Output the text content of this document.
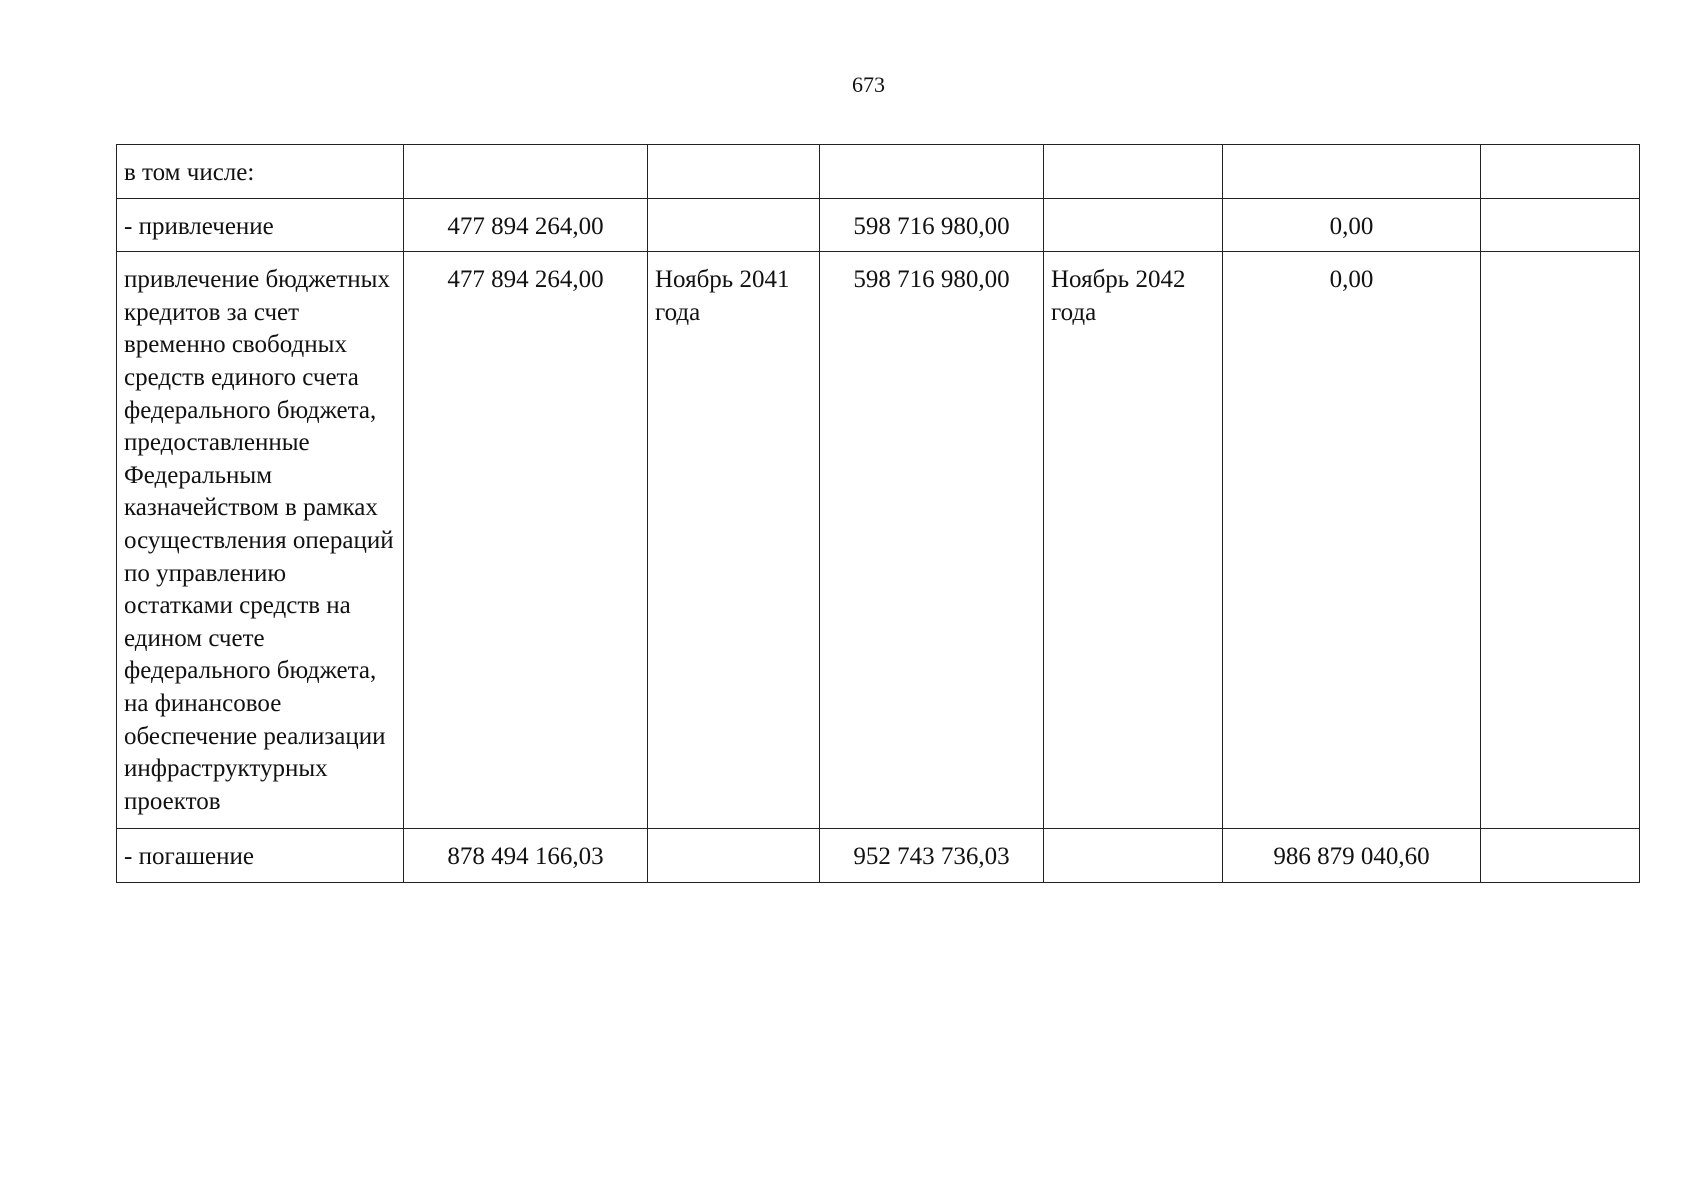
673
в том числе:						
- привлечение	477 894 264,00		598 716 980,00		0,00	
привлечение бюджетных кредитов за счет временно свободных средств единого счета федерального бюджета, предоставленные Федеральным казначейством в рамках осуществления операций по управлению остатками средств на едином счете федерального бюджета, на финансовое обеспечение реализации инфраструктурных проектов	477 894 264,00	Ноябрь 2041 года	598 716 980,00	Ноябрь 2042 года	0,00	
- погашение	878 494 166,03		952 743 736,03		986 879 040,60	
